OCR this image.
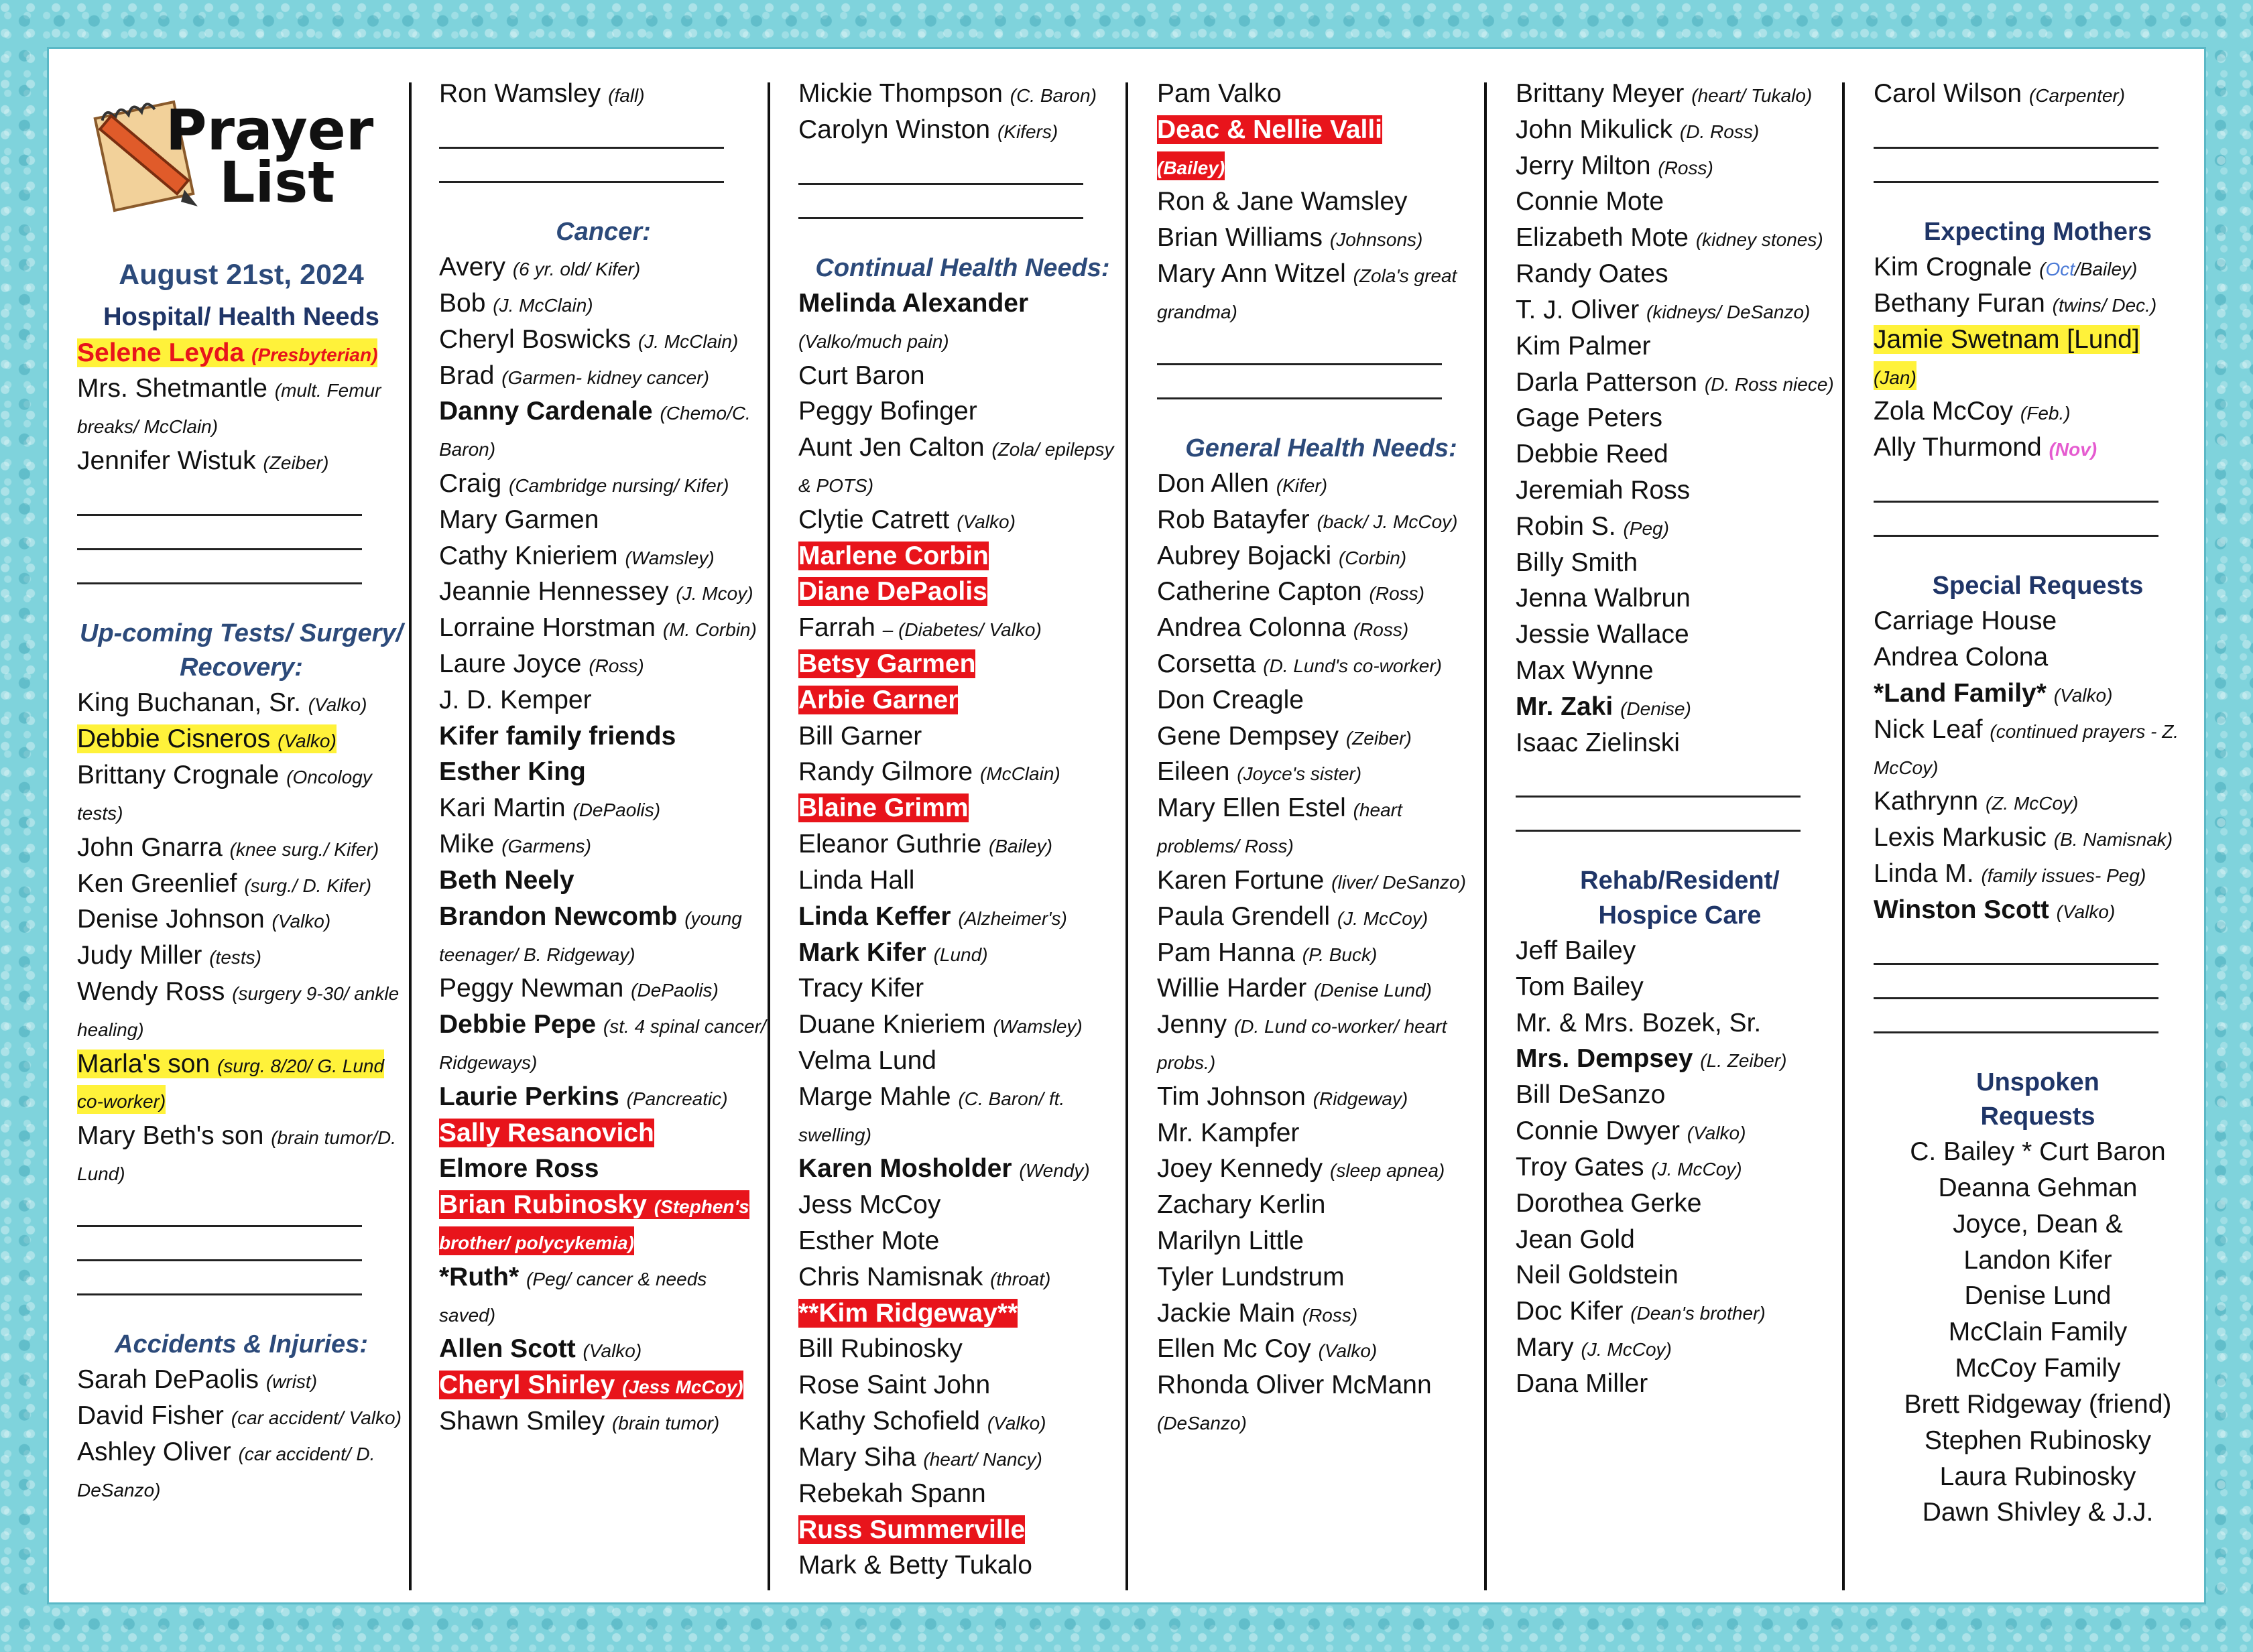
Prayer
List
August 21st, 2024
Hospital/ Health Needs
Selene Leyda (Presbyterian)
Mrs. Shetmantle (mult. Femur breaks/ McClain)
Jennifer Wistuk (Zeiber)
Up-coming Tests/ Surgery/ Recovery:
King Buchanan, Sr. (Valko)
Debbie Cisneros (Valko)
Brittany Crognale (Oncology tests)
John Gnarra (knee surg./ Kifer)
Ken Greenlief (surg./ D. Kifer)
Denise Johnson (Valko)
Judy Miller (tests)
Wendy Ross (surgery 9-30/ ankle healing)
Marla's son (surg. 8/20/ G. Lund co-worker)
Mary Beth's son (brain tumor/D. Lund)
Accidents & Injuries:
Sarah DePaolis (wrist)
David Fisher (car accident/ Valko)
Ashley Oliver (car accident/ D. DeSanzo)
Ron Wamsley (fall)
Cancer:
Avery (6 yr. old/ Kifer)
Bob (J. McClain)
Cheryl Boswicks (J. McClain)
Brad (Garmen- kidney cancer)
Danny Cardenale (Chemo/C. Baron)
Craig (Cambridge nursing/ Kifer)
Mary Garmen
Cathy Knieriem (Wamsley)
Jeannie Hennessey (J. Mcoy)
Lorraine Horstman (M. Corbin)
Laure Joyce (Ross)
J. D. Kemper
Kifer family friends
Esther King
Kari Martin (DePaolis)
Mike (Garmens)
Beth Neely
Brandon Newcomb (young teenager/ B. Ridgeway)
Peggy Newman (DePaolis)
Debbie Pepe (st. 4 spinal cancer/ Ridgeways)
Laurie Perkins (Pancreatic)
Sally Resanovich
Elmore Ross
Brian Rubinosky (Stephen's brother/ polycykemia)
*Ruth* (Peg/ cancer & needs saved)
Allen Scott (Valko)
Cheryl Shirley (Jess McCoy)
Shawn Smiley (brain tumor)
Mickie Thompson (C. Baron)
Carolyn Winston (Kifers)
Continual Health Needs:
Melinda Alexander (Valko/much pain)
Curt Baron
Peggy Bofinger
Aunt Jen Calton (Zola/ epilepsy & POTS)
Clytie Catrett (Valko)
Marlene Corbin
Diane DePaolis
Farrah – (Diabetes/ Valko)
Betsy Garmen
Arbie Garner
Bill Garner
Randy Gilmore (McClain)
Blaine Grimm
Eleanor Guthrie (Bailey)
Linda Hall
Linda Keffer (Alzheimer's)
Mark Kifer (Lund)
Tracy Kifer
Duane Knieriem (Wamsley)
Velma Lund
Marge Mahle (C. Baron/ ft. swelling)
Karen Mosholder (Wendy)
Jess McCoy
Esther Mote
Chris Namisnak (throat)
**Kim Ridgeway**
Bill Rubinosky
Rose Saint John
Kathy Schofield (Valko)
Mary Siha (heart/ Nancy)
Rebekah Spann
Russ Summerville
Mark & Betty Tukalo
Pam Valko
Deac & Nellie Valli
(Bailey)
Ron & Jane Wamsley
Brian Williams (Johnsons)
Mary Ann Witzel (Zola's great grandma)
General Health Needs:
Don Allen (Kifer)
Rob Batayfer (back/ J. McCoy)
Aubrey Bojacki (Corbin)
Catherine Capton (Ross)
Andrea Colonna (Ross)
Corsetta (D. Lund's co-worker)
Don Creagle
Gene Dempsey (Zeiber)
Eileen (Joyce's sister)
Mary Ellen Estel (heart problems/ Ross)
Karen Fortune (liver/ DeSanzo)
Paula Grendell (J. McCoy)
Pam Hanna (P. Buck)
Willie Harder (Denise Lund)
Jenny (D. Lund co-worker/ heart probs.)
Tim Johnson (Ridgeway)
Mr. Kampfer
Joey Kennedy (sleep apnea)
Zachary Kerlin
Marilyn Little
Tyler Lundstrum
Jackie Main (Ross)
Ellen Mc Coy (Valko)
Rhonda Oliver McMann (DeSanzo)
Brittany Meyer (heart/ Tukalo)
John Mikulick (D. Ross)
Jerry Milton (Ross)
Connie Mote
Elizabeth Mote (kidney stones)
Randy Oates
T. J. Oliver (kidneys/ DeSanzo)
Kim Palmer
Darla Patterson (D. Ross niece)
Gage Peters
Debbie Reed
Jeremiah Ross
Robin S. (Peg)
Billy Smith
Jenna Walbrun
Jessie Wallace
Max Wynne
Mr. Zaki (Denise)
Isaac Zielinski
Rehab/Resident/ Hospice Care
Jeff Bailey
Tom Bailey
Mr. & Mrs. Bozek, Sr.
Mrs. Dempsey (L. Zeiber)
Bill DeSanzo
Connie Dwyer (Valko)
Troy Gates (J. McCoy)
Dorothea Gerke
Jean Gold
Neil Goldstein
Doc Kifer (Dean's brother)
Mary (J. McCoy)
Dana Miller
Carol Wilson (Carpenter)
Expecting Mothers
Kim Crognale (Oct/Bailey)
Bethany Furan (twins/ Dec.)
Jamie Swetnam [Lund]
(Jan)
Zola McCoy (Feb.)
Ally Thurmond (Nov)
Special Requests
Carriage House
Andrea Colona
*Land Family* (Valko)
Nick Leaf (continued prayers - Z. McCoy)
Kathrynn (Z. McCoy)
Lexis Markusic (B. Namisnak)
Linda M. (family issues- Peg)
Winston Scott (Valko)
Unspoken Requests
C. Bailey * Curt Baron
Deanna Gehman
Joyce, Dean &
Landon Kifer
Denise Lund
McClain Family
McCoy Family
Brett Ridgeway (friend)
Stephen Rubinosky
Laura Rubinosky
Dawn Shivley & J.J.
